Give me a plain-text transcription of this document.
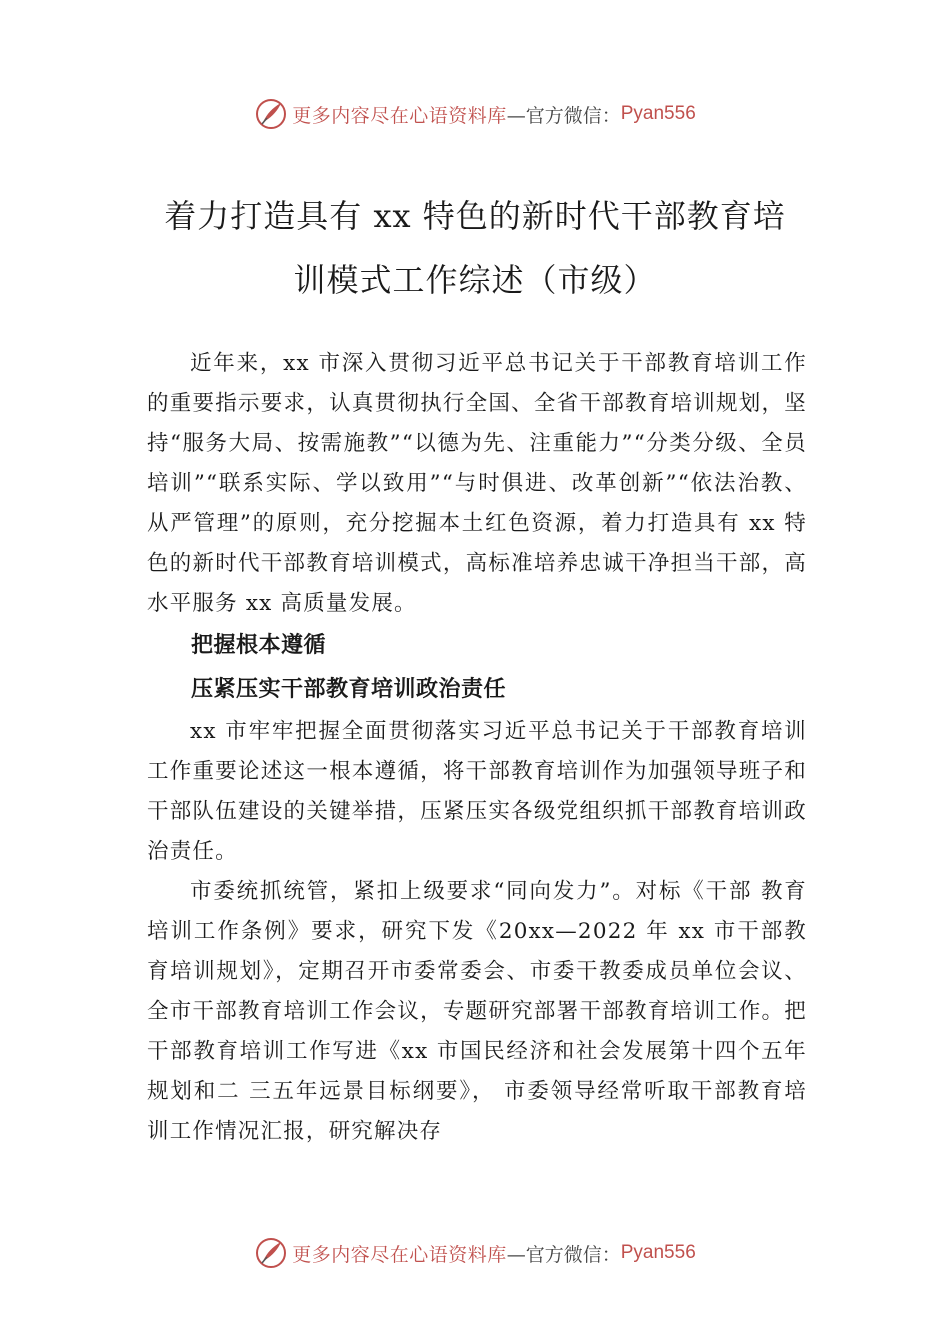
更多内容尽在心语资料库 —官方微信： Pyan556
着力打造具有 xx 特色的新时代干部教育培
训模式工作综述（市级）

近年来，xx 市深入贯彻习近平总书记关于干部教育培训工作的重要指示要求，认真贯彻执行全国、全省干部教育培训规划，坚持“服务大局、按需施教”“以德为先、注重能力”“分类分级、全员培训”“联系实际、学以致用”“与时俱进、改革创新”“依法治教、从严管理”的原则，充分挖掘本土红色资源，着力打造具有 xx 特色的新时代干部教育培训模式，高标准培养忠诚干净担当干部，高水平服务 xx 高质量发展。

把握根本遵循

压紧压实干部教育培训政治责任

xx 市牢牢把握全面贯彻落实习近平总书记关于干部教育培训工作重要论述这一根本遵循，将干部教育培训作为加强领导班子和干部队伍建设的关键举措，压紧压实各级党组织抓干部教育培训政治责任。

市委统抓统管，紧扣上级要求“同向发力”。对标《干部 教育培训工作条例》要求，研究下发《20xx—2022 年 xx 市干部教育培训规划》，定期召开市委常委会、市委干教委成员单位会议、全市干部教育培训工作会议，专题研究部署干部教育培训工作。把干部教育培训工作写进《xx 市国民经济和社会发展第十四个五年规划和二 三五年远景目标纲要》， 市委领导经常听取干部教育培训工作情况汇报，研究解决存

更多内容尽在心语资料库 —官方微信： Pyan556
